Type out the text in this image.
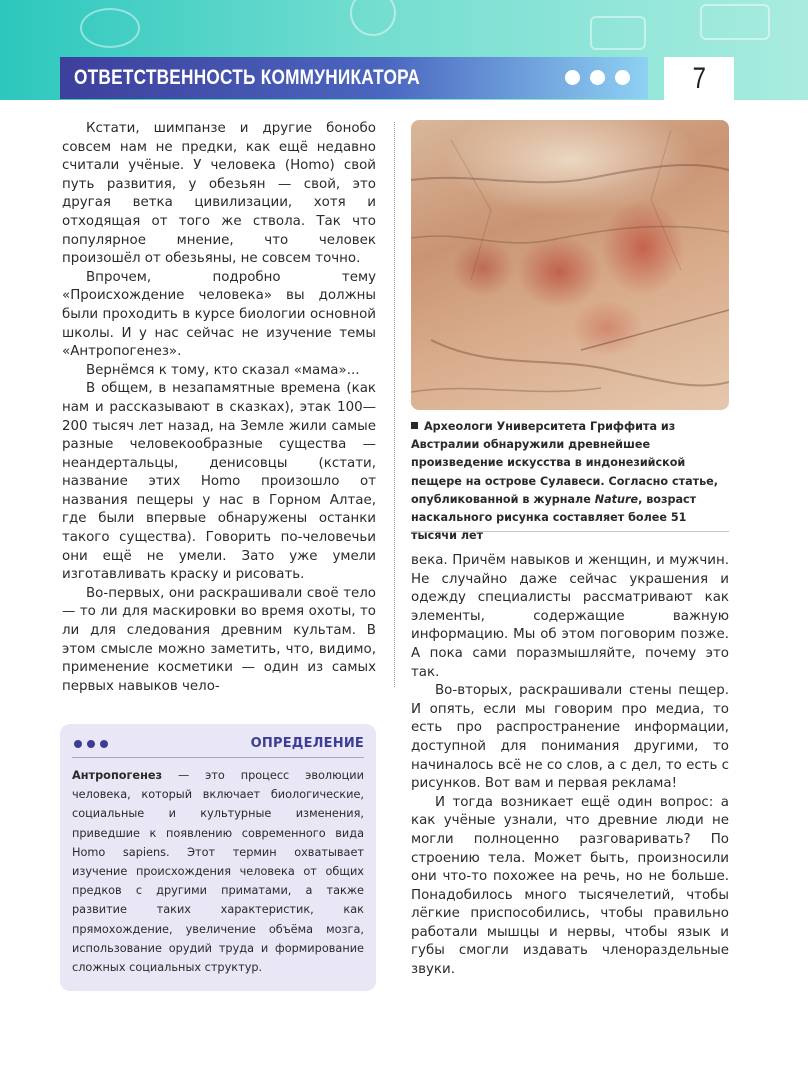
ОТВЕТСТВЕННОСТЬ КОММУНИКАТОРА	7

Кстати, шимпанзе и другие бонобо совсем нам не предки, как ещё недавно считали учёные. У человека (Homo) свой путь развития, у обезьян — свой, это другая ветка цивилизации, хотя и отходящая от того же ствола. Так что популярное мнение, что человек произошёл от обезьяны, не совсем точно.

Впрочем, подробно тему «Происхождение человека» вы должны были проходить в курсе биологии основной школы. И у нас сейчас не изучение темы «Антропогенез».

Вернёмся к тому, кто сказал «мама»...

В общем, в незапамятные времена (как нам и рассказывают в сказках), этак 100—200 тысяч лет назад, на Земле жили самые разные человекообразные существа — неандертальцы, денисовцы (кстати, название этих Homo произошло от названия пещеры у нас в Горном Алтае, где были впервые обнаружены останки такого существа). Говорить по-человечьи они ещё не умели. Зато уже умели изготавливать краску и рисовать.

Во-первых, они раскрашивали своё тело — то ли для маскировки во время охоты, то ли для следования древним культам. В этом смысле можно заметить, что, видимо, применение косметики — один из самых первых навыков чело-

Археологи Университета Гриффита из Австралии обнаружили древнейшее произведение искусства в индонезийской пещере на острове Сулавеси. Согласно статье, опубликованной в журнале Nature, возраст наскального рисунка составляет более 51 тысячи лет

века. Причём навыков и женщин, и мужчин. Не случайно даже сейчас украшения и одежду специалисты рассматривают как элементы, содержащие важную информацию. Мы об этом поговорим позже. А пока сами поразмышляйте, почему это так.

Во-вторых, раскрашивали стены пещер. И опять, если мы говорим про медиа, то есть про распространение информации, доступной для понимания другими, то начиналось всё не со слов, а с дел, то есть с рисунков. Вот вам и первая реклама!

И тогда возникает ещё один вопрос: а как учёные узнали, что древние люди не могли полноценно разговаривать? По строению тела. Может быть, произносили они что-то похожее на речь, но не больше. Понадобилось много тысячелетий, чтобы лёгкие приспособились, чтобы правильно работали мышцы и нервы, чтобы язык и губы смогли издавать членораздельные звуки.

ОПРЕДЕЛЕНИЕ
Антропогенез — это процесс эволюции человека, который включает биологические, социальные и культурные изменения, приведшие к появлению современного вида Homo sapiens. Этот термин охватывает изучение происхождения человека от общих предков с другими приматами, а также развитие таких характеристик, как прямохождение, увеличение объёма мозга, использование орудий труда и формирование сложных социальных структур.
